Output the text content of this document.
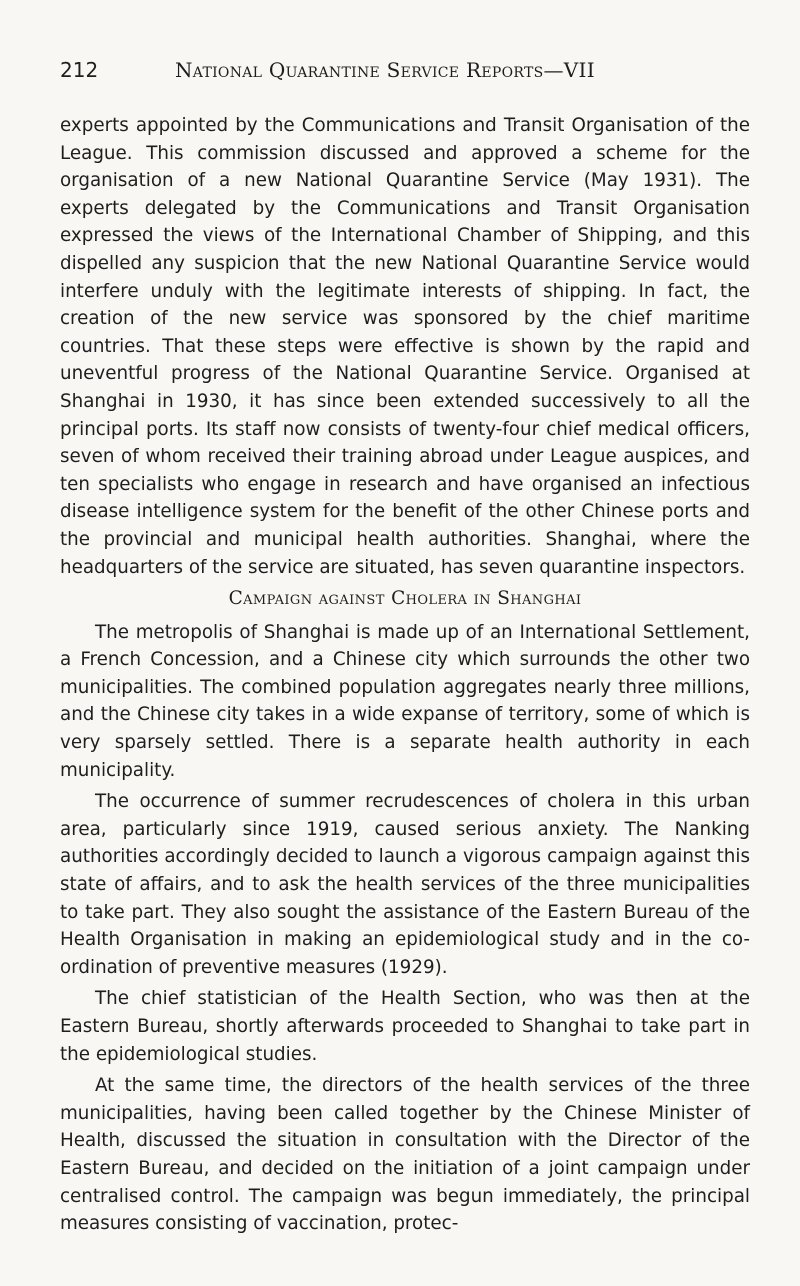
212	National Quarantine Service Reports—VII

experts appointed by the Communications and Transit Organisation of the League. This commission discussed and approved a scheme for the organisation of a new National Quarantine Service (May 1931). The experts delegated by the Communications and Transit Organisation expressed the views of the International Chamber of Shipping, and this dispelled any suspicion that the new National Quarantine Service would interfere unduly with the legitimate interests of shipping. In fact, the creation of the new service was sponsored by the chief maritime countries. That these steps were effective is shown by the rapid and uneventful progress of the National Quarantine Service. Organised at Shanghai in 1930, it has since been extended successively to all the principal ports. Its staff now consists of twenty-four chief medical officers, seven of whom received their training abroad under League auspices, and ten specialists who engage in research and have organised an infectious disease intelligence system for the benefit of the other Chinese ports and the provincial and municipal health authorities. Shanghai, where the headquarters of the service are situated, has seven quarantine inspectors.

Campaign against Cholera in Shanghai

The metropolis of Shanghai is made up of an International Settlement, a French Concession, and a Chinese city which surrounds the other two municipalities. The combined population aggregates nearly three millions, and the Chinese city takes in a wide expanse of territory, some of which is very sparsely settled. There is a separate health authority in each municipality.

The occurrence of summer recrudescences of cholera in this urban area, particularly since 1919, caused serious anxiety. The Nanking authorities accordingly decided to launch a vigorous campaign against this state of affairs, and to ask the health services of the three municipalities to take part. They also sought the assistance of the Eastern Bureau of the Health Organisation in making an epidemiological study and in the co-ordination of preventive measures (1929).

The chief statistician of the Health Section, who was then at the Eastern Bureau, shortly afterwards proceeded to Shanghai to take part in the epidemiological studies.

At the same time, the directors of the health services of the three municipalities, having been called together by the Chinese Minister of Health, discussed the situation in consultation with the Director of the Eastern Bureau, and decided on the initiation of a joint campaign under centralised control. The campaign was begun immediately, the principal measures consisting of vaccination, protec-
